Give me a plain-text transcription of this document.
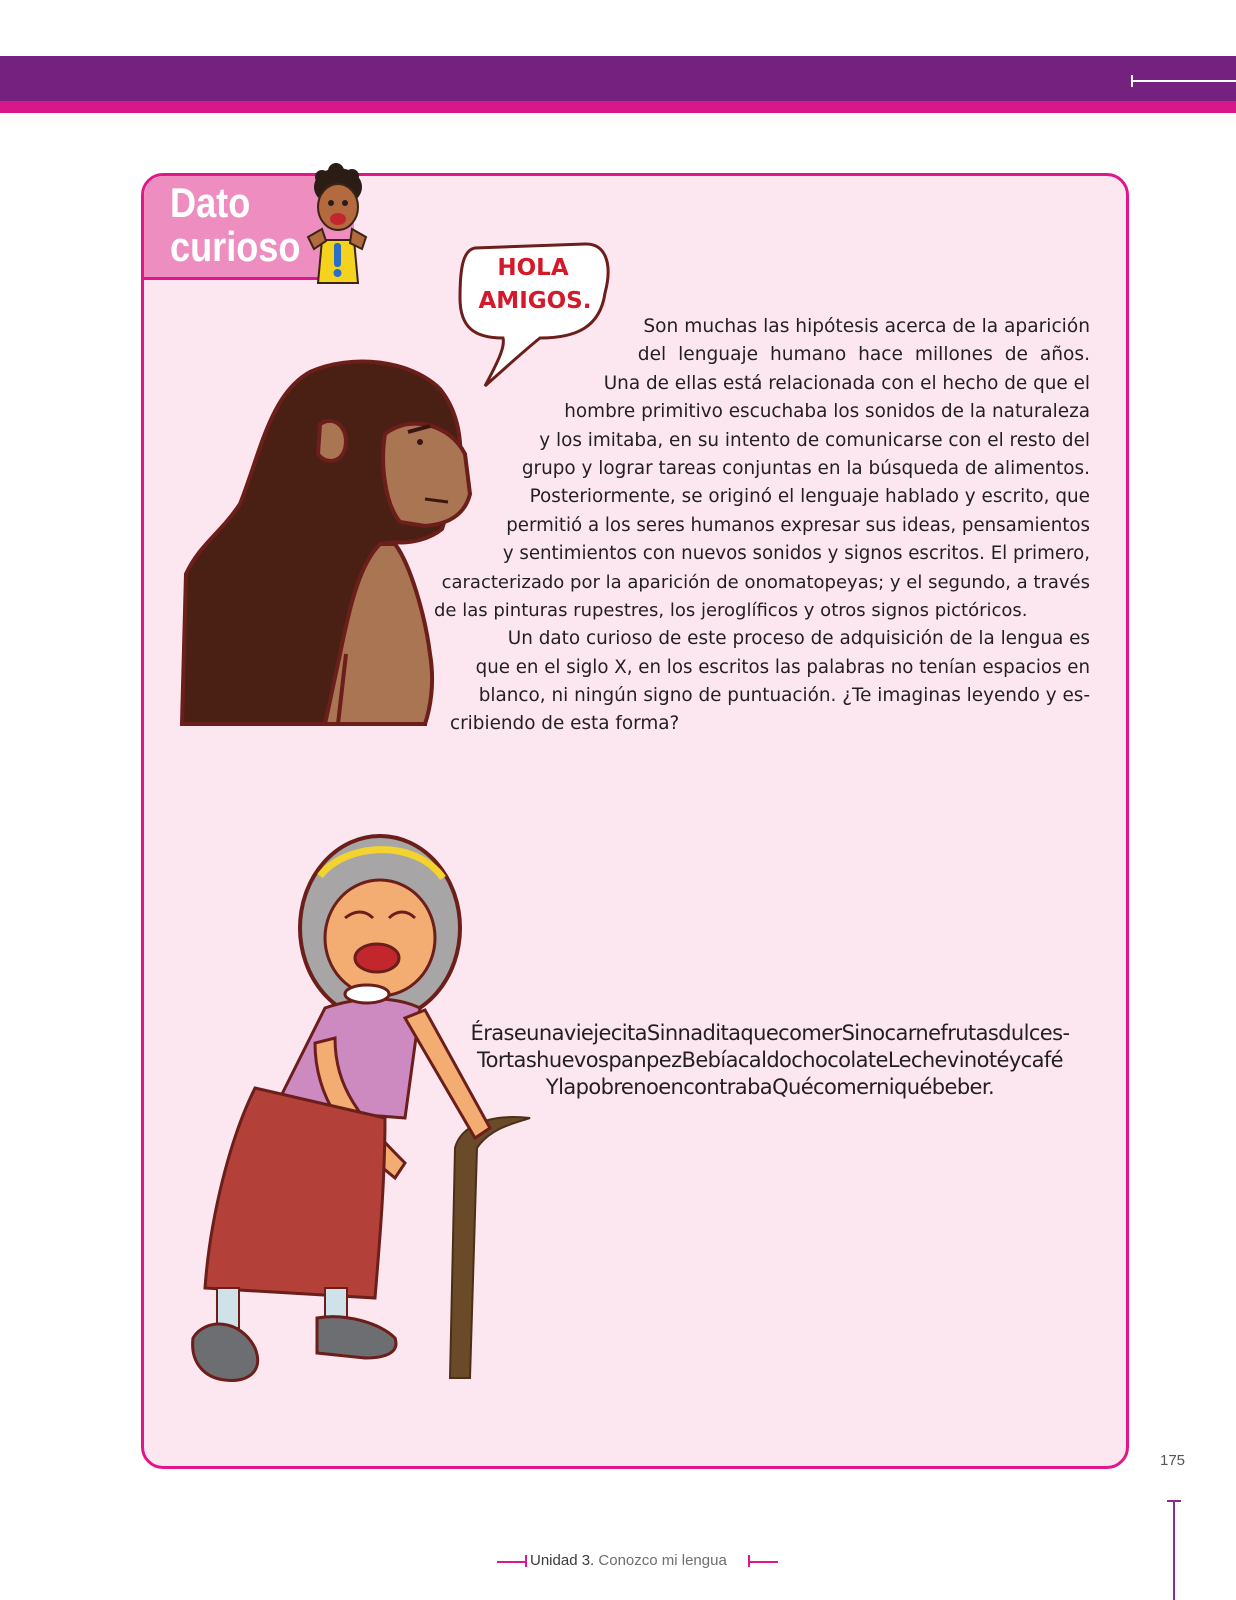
Dato
curioso	HOLA
AMIGOS.
Son muchas las hipótesis acerca de la aparición
del lenguaje humano hace millones de años.
Una de ellas está relacionada con el hecho de que el
hombre primitivo escuchaba los sonidos de la naturaleza
y los imitaba, en su intento de comunicarse con el resto del
grupo y lograr tareas conjuntas en la búsqueda de alimentos.
Posteriormente, se originó el lenguaje hablado y escrito, que
permitió a los seres humanos expresar sus ideas, pensamientos
y sentimientos con nuevos sonidos y signos escritos. El primero,
caracterizado por la aparición de onomatopeyas; y el segundo, a través
de las pinturas rupestres, los jeroglíficos y otros signos pictóricos.
Un dato curioso de este proceso de adquisición de la lengua es
que en el siglo X, en los escritos las palabras no tenían espacios en
blanco, ni ningún signo de puntuación. ¿Te imaginas leyendo y es-
cribiendo de esta forma?
ÉraseunaviejecitaSinnaditaquecomerSinocarnefrutasdulces-
TortashuevospanpezBebíacaldochocolateLechevinotéycafé
YlapobrenoencontrabaQuécomerniquébeber.
175
Unidad 3. Conozco mi lengua
